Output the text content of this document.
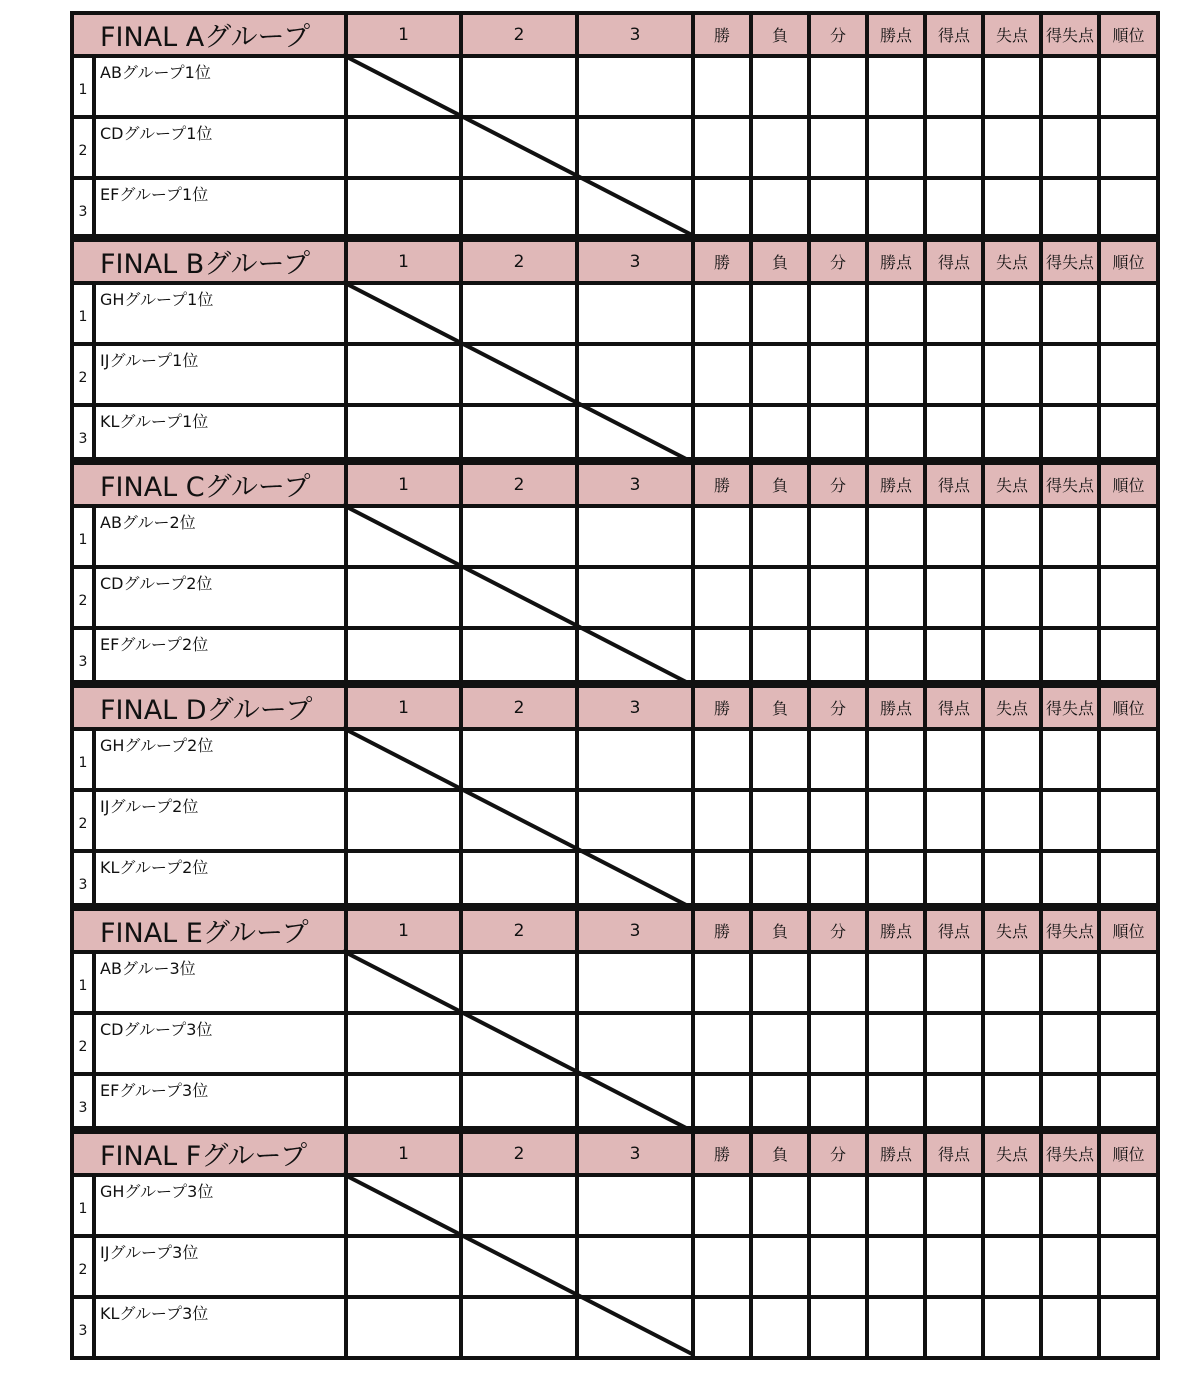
FINAL Aグループ		1	2	3	勝	負	分	勝点	得点	失点	得失点	順位
1	ABグループ1位											
2	CDグループ1位											
3	EFグループ1位											
FINAL Bグループ		1	2	3	勝	負	分	勝点	得点	失点	得失点	順位
1	GHグループ1位											
2	IJグループ1位											
3	KLグループ1位											
FINAL Cグループ		1	2	3	勝	負	分	勝点	得点	失点	得失点	順位
1	ABグルー2位											
2	CDグループ2位											
3	EFグループ2位											
FINAL Dグループ		1	2	3	勝	負	分	勝点	得点	失点	得失点	順位
1	GHグループ2位											
2	IJグループ2位											
3	KLグループ2位											
FINAL Eグループ		1	2	3	勝	負	分	勝点	得点	失点	得失点	順位
1	ABグルー3位											
2	CDグループ3位											
3	EFグループ3位											
FINAL Fグループ		1	2	3	勝	負	分	勝点	得点	失点	得失点	順位
1	GHグループ3位											
2	IJグループ3位											
3	KLグループ3位											
